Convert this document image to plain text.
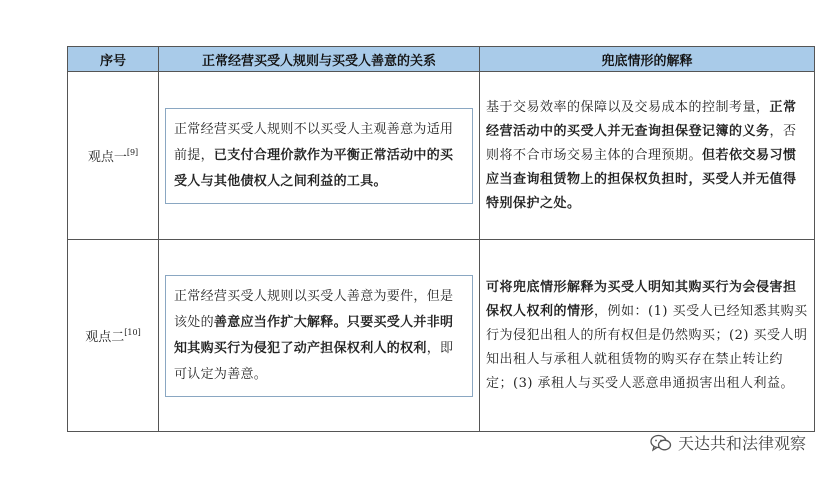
序号	正常经营买受人规则与买受人善意的关系	兜底情形的解释
观点一[9]	正常经营买受人规则不以买受人主观善意为适用前提，已支付合理价款作为平衡正常活动中的买受人与其他债权人之间利益的工具。	基于交易效率的保障以及交易成本的控制考量，正常经营活动中的买受人并无查询担保登记簿的义务，否则将不合市场交易主体的合理预期。但若依交易习惯应当查询租赁物上的担保权负担时，买受人并无值得特别保护之处。

观点二[10]	正常经营买受人规则以买受人善意为要件，但是该处的善意应当作扩大解释。只要买受人并非明知其购买行为侵犯了动产担保权利人的权利，即可认定为善意。	可将兜底情形解释为买受人明知其购买行为会侵害担保权人权利的情形，例如：(1) 买受人已经知悉其购买行为侵犯出租人的所有权但是仍然购买；(2) 买受人明知出租人与承租人就租赁物的购买存在禁止转让约定；(3) 承租人与买受人恶意串通损害出租人利益。
天达共和法律观察
